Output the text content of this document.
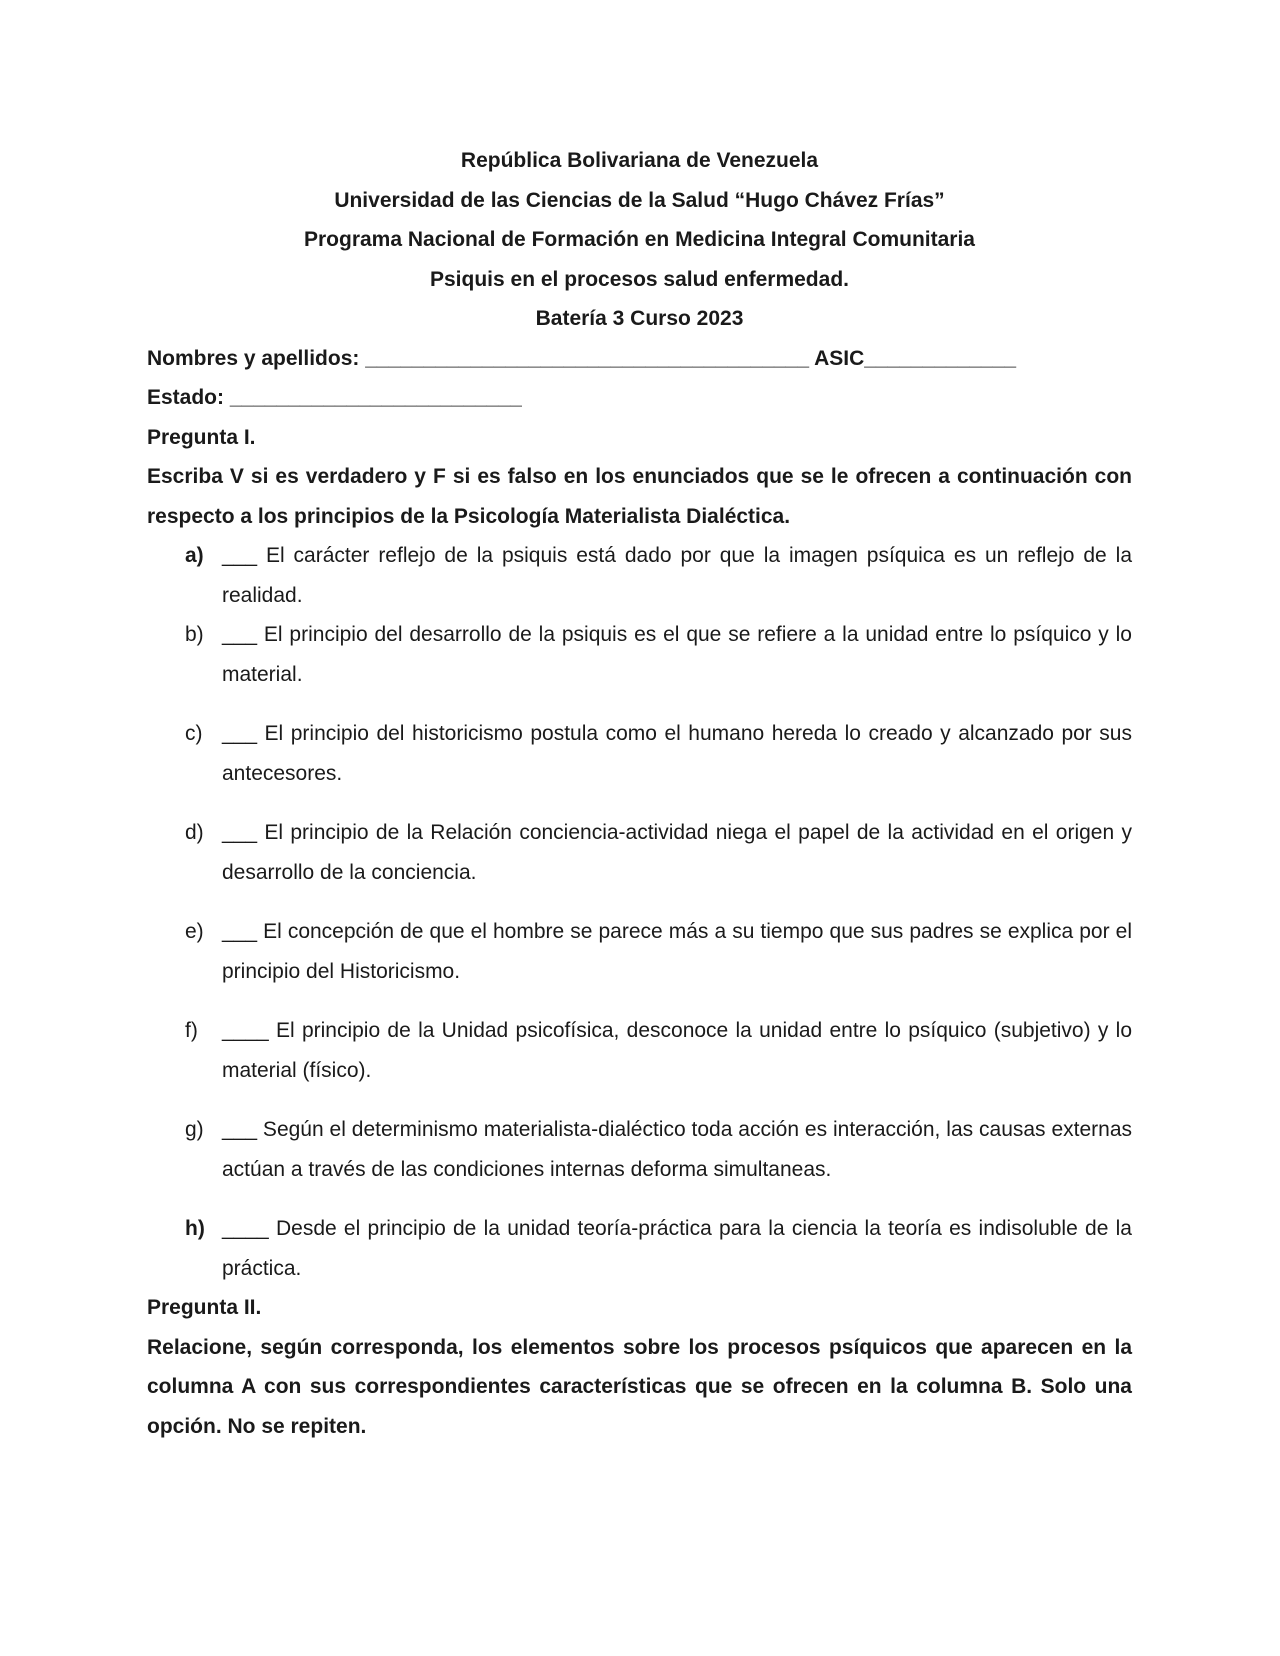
República Bolivariana de Venezuela

Universidad de las Ciencias de la Salud “Hugo Chávez Frías”

Programa Nacional de Formación en Medicina Integral Comunitaria

Psiquis en el procesos salud enfermedad.

Batería 3 Curso 2023

Nombres y apellidos: ______________________________________ ASIC_____________

Estado: _________________________

Pregunta I.

Escriba V si es verdadero y F si es falso en los enunciados que se le ofrecen a continuación con respecto a los principios de la Psicología Materialista Dialéctica.

a) ___ El carácter reflejo de la psiquis está dado por que la imagen psíquica es un reflejo de la realidad.
b) ___ El principio del desarrollo de la psiquis es el que se refiere a la unidad entre lo psíquico y lo material.
c) ___ El principio del historicismo postula como el humano hereda lo creado y alcanzado por sus antecesores.
d) ___ El principio de la Relación conciencia-actividad niega el papel de la actividad en el origen y desarrollo de la conciencia.
e) ___ El concepción de que el hombre se parece más a su tiempo que sus padres se explica por el principio del Historicismo.
f) ____ El principio de la Unidad psicofísica, desconoce la unidad entre lo psíquico (subjetivo) y lo material (físico).
g) ___ Según el determinismo materialista-dialéctico toda acción es interacción, las causas externas actúan a través de las condiciones internas deforma simultaneas.
h) ____ Desde el principio de la unidad teoría-práctica para la ciencia la teoría es indisoluble de la práctica.

Pregunta II.

Relacione, según corresponda, los elementos sobre los procesos psíquicos que aparecen en la columna A con sus correspondientes características que se ofrecen en la columna B. Solo una opción. No se repiten.
